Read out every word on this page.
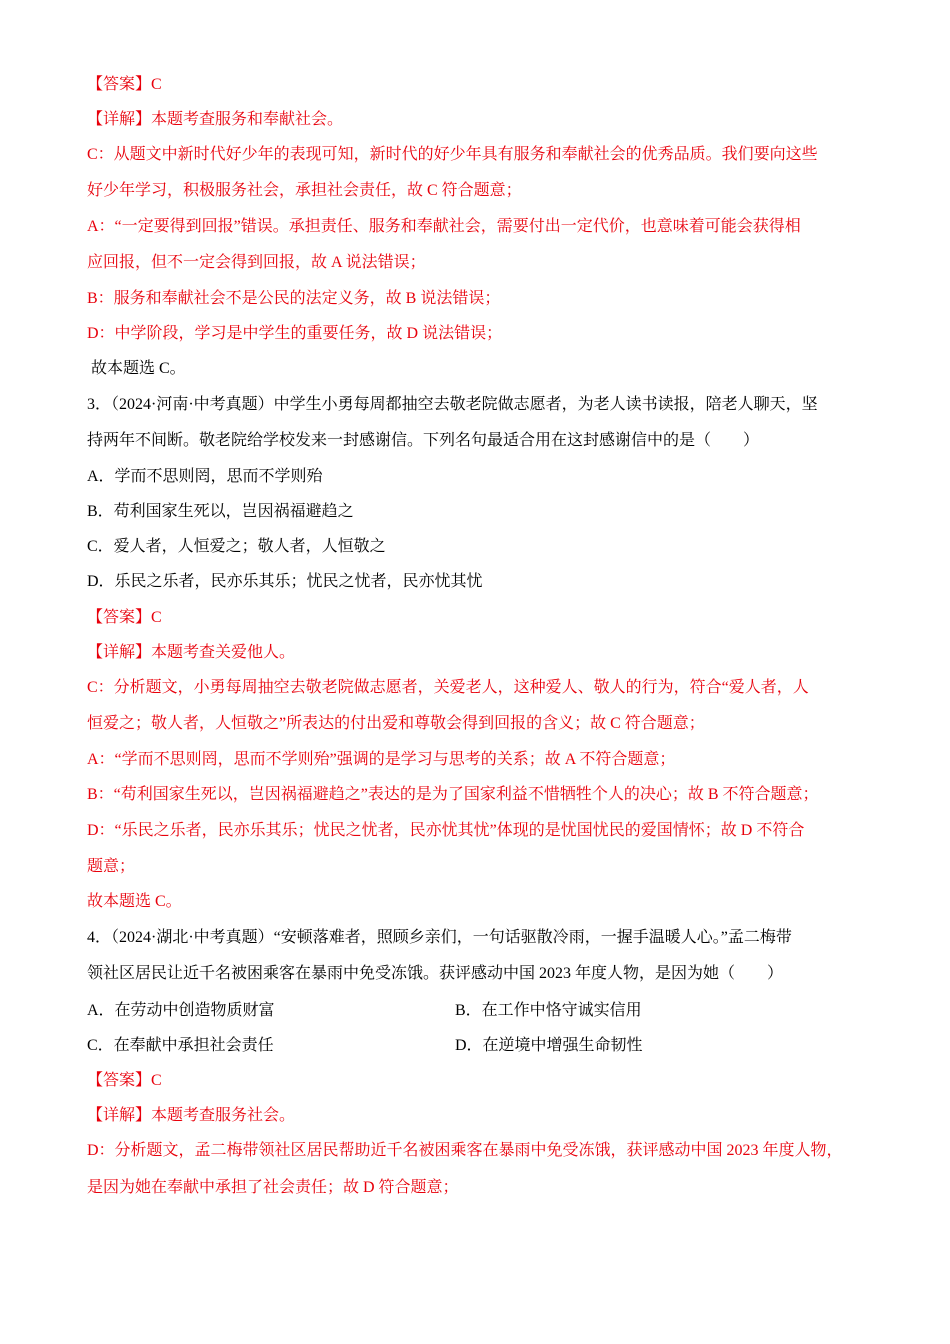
【答案】C
【详解】本题考查服务和奉献社会。
C：从题文中新时代好少年的表现可知，新时代的好少年具有服务和奉献社会的优秀品质。我们要向这些
好少年学习，积极服务社会，承担社会责任，故 C 符合题意；
A：“一定要得到回报”错误。承担责任、服务和奉献社会，需要付出一定代价，也意味着可能会获得相
应回报，但不一定会得到回报，故 A 说法错误；
B：服务和奉献社会不是公民的法定义务，故 B 说法错误；
D：中学阶段，学习是中学生的重要任务，故 D 说法错误；
故本题选 C。
3．（2024·河南·中考真题）中学生小勇每周都抽空去敬老院做志愿者，为老人读书读报，陪老人聊天，坚
持两年不间断。敬老院给学校发来一封感谢信。下列名句最适合用在这封感谢信中的是（　　）
A．学而不思则罔，思而不学则殆
B．苟利国家生死以，岂因祸福避趋之
C．爱人者，人恒爱之；敬人者，人恒敬之
D．乐民之乐者，民亦乐其乐；忧民之忧者，民亦忧其忧
【答案】C
【详解】本题考查关爱他人。
C：分析题文，小勇每周抽空去敬老院做志愿者，关爱老人，这种爱人、敬人的行为，符合“爱人者，人
恒爱之；敬人者，人恒敬之”所表达的付出爱和尊敬会得到回报的含义；故 C 符合题意；
A：“学而不思则罔，思而不学则殆”强调的是学习与思考的关系；故 A 不符合题意；
B：“苟利国家生死以，岂因祸福避趋之”表达的是为了国家利益不惜牺牲个人的决心；故 B 不符合题意；
D：“乐民之乐者，民亦乐其乐；忧民之忧者，民亦忧其忧”体现的是忧国忧民的爱国情怀；故 D 不符合
题意；
故本题选 C。
4．（2024·湖北·中考真题）“安顿落难者，照顾乡亲们，一句话驱散冷雨，一握手温暖人心。”孟二梅带
领社区居民让近千名被困乘客在暴雨中免受冻饿。获评感动中国 2023 年度人物，是因为她（　　）
A．在劳动中创造物质财富	B．在工作中恪守诚实信用
C．在奉献中承担社会责任	D．在逆境中增强生命韧性
【答案】C
【详解】本题考查服务社会。
D：分析题文，孟二梅带领社区居民帮助近千名被困乘客在暴雨中免受冻饿，获评感动中国 2023 年度人物，
是因为她在奉献中承担了社会责任；故 D 符合题意；
